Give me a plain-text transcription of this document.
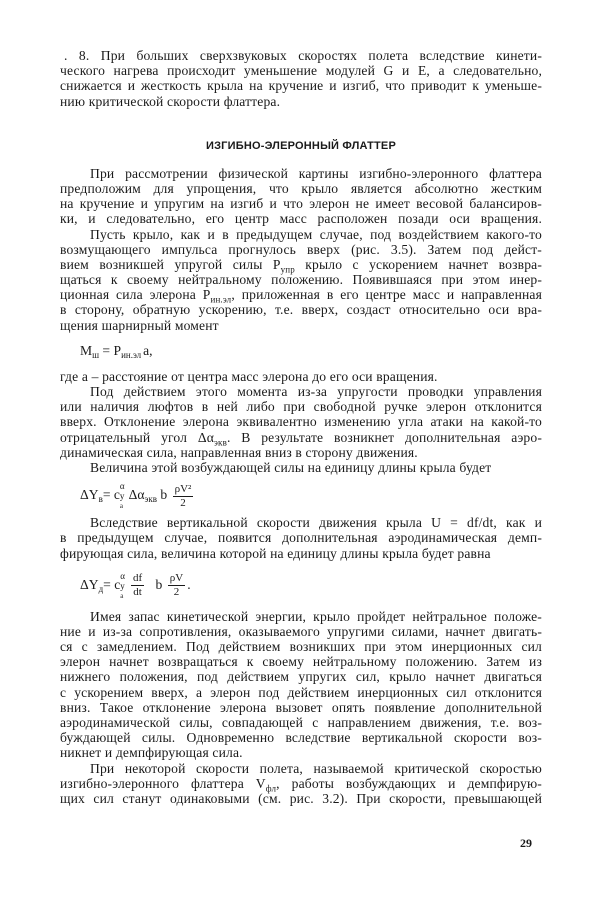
. 8. При больших сверхзвуковых скоростях полета вследствие кинети-
ческого нагрева происходит уменьшение модулей G и E, а следовательно,
снижается и жесткость крыла на кручение и изгиб, что приводит к уменьше-
нию критической скорости флаттера.
ИЗГИБНО-ЭЛЕРОННЫЙ ФЛАТТЕР
При рассмотрении физической картины изгибно-элеронного флаттера
предположим для упрощения, что крыло является абсолютно жестким
на кручение и упругим на изгиб и что элерон не имеет весовой балансиров-
ки, и следовательно, его центр масс расположен позади оси вращения.
Пусть крыло, как и в предыдущем случае, под воздействием какого-то
возмущающего импульса прогнулось вверх (рис. 3.5). Затем под дейст-
вием возникшей упругой силы $P_{упр}$ крыло с ускорением начнет возвра-
щаться к своему нейтральному положению. Появившаяся при этом инер-
ционная сила элерона $P_{ин.эл}$, приложенная в его центре масс и направленная
в сторону, обратную ускорению, т.е. вверх, создаст относительно оси вра-
щения шарнирный момент
$M_ш = P_{ин.эл}$ a,
где a – расстояние от центра масс элерона до его оси вращения.
Под действием этого момента из-за упругости проводки управления
или наличия люфтов в ней либо при свободной ручке элерон отклонится
вверх. Отклонение элерона эквивалентно изменению угла атаки на какой-то
отрицательный угол $\Delta\alpha_{экв}$. В результате возникнет дополнительная аэро-
динамическая сила, направленная вниз в сторону движения.
Величина этой возбуждающей силы на единицу длины крыла будет
$\Delta Y_в= c$
α
y
a
$\Delta\alpha_{экв}$ b $\frac{\text{ρV²}}{2}$
Вследствие вертикальной скорости движения крыла U = df/dt, как и
в предыдущем случае, появится дополнительная аэродинамическая демп-
фирующая сила, величина которой на единицу длины крыла будет равна
$\Delta Y_д= c$
α
y
a $\frac{df}{dt}$ b $\frac{\rho V}{2}$ .
Имея запас кинетической энергии, крыло пройдет нейтральное положе-
ние и из-за сопротивления, оказываемого упругими силами, начнет двигать-
ся с замедлением. Под действием возникших при этом инерционных сил
элерон начнет возвращаться к своему нейтральному положению. Затем из
нижнего положения, под действием упругих сил, крыло начнет двигаться
с ускорением вверх, а элерон под действием инерционных сил отклонится
вниз. Такое отклонение элерона вызовет опять появление дополнительной
аэродинамической силы, совпадающей с направлением движения, т.е. воз-
буждающей силы. Одновременно вследствие вертикальной скорости воз-
никнет и демпфирующая сила.
При некоторой скорости полета, называемой критической скоростью
изгибно-элеронного флаттера $V_{фл}$, работы возбуждающих и демпфирую-
щих сил станут одинаковыми (см. рис. 3.2). При скорости, превышающей
29
